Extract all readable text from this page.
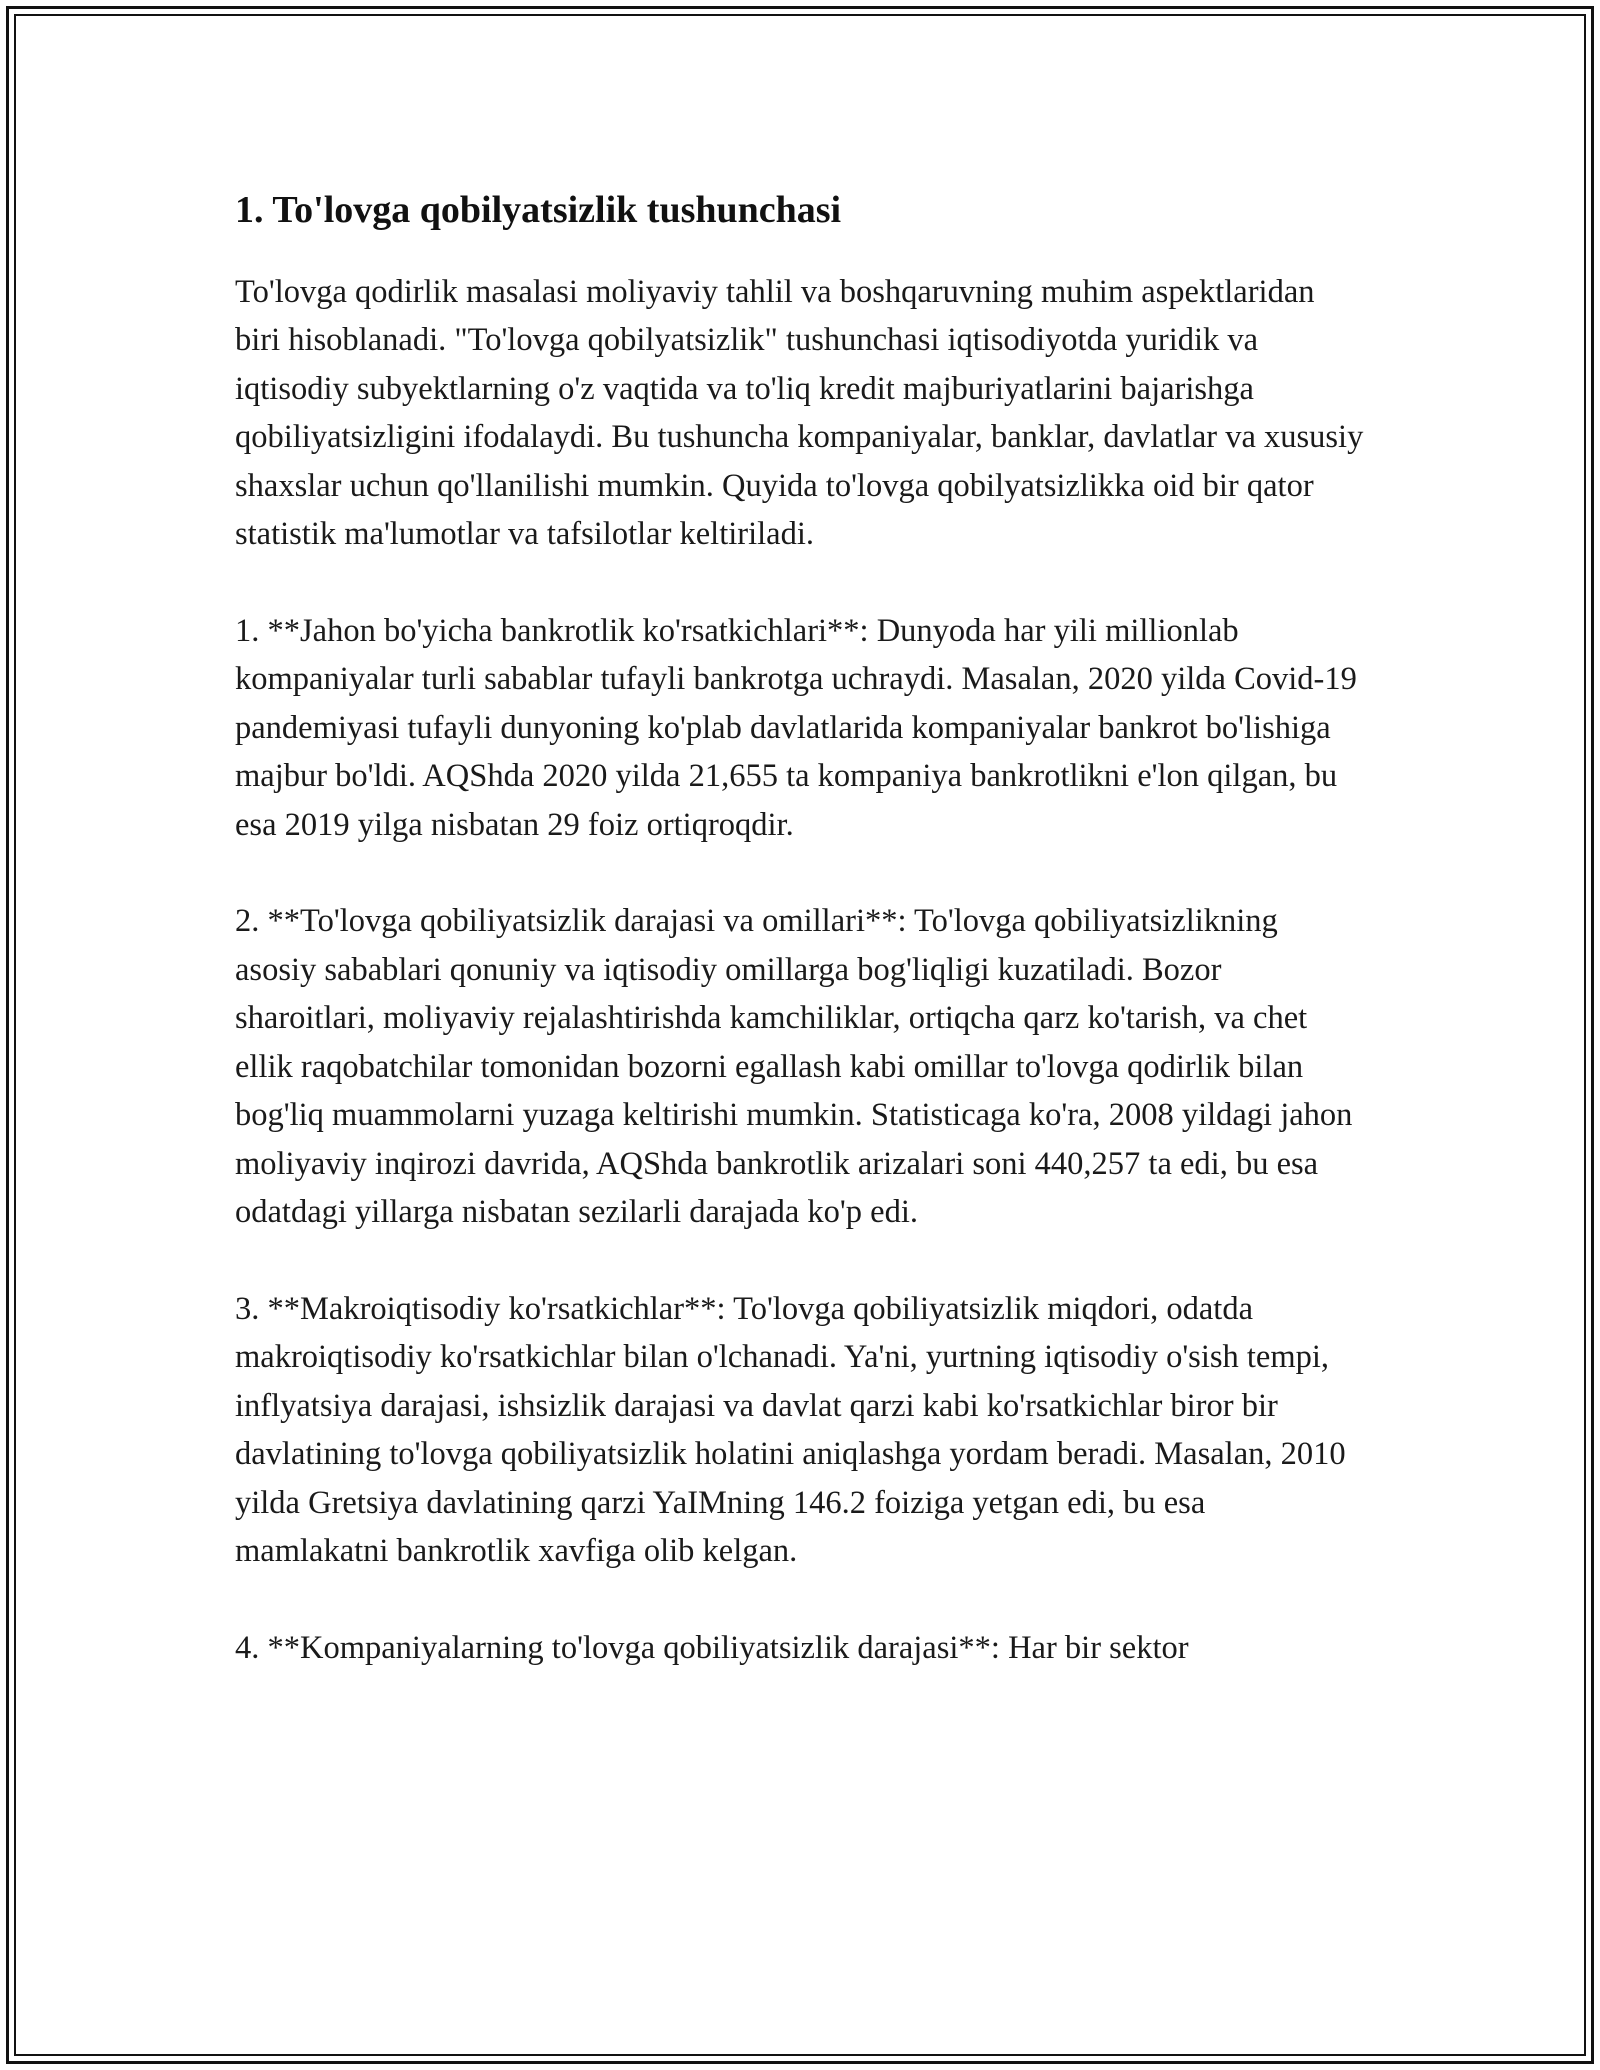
1. To'lovga qobilyatsizlik tushunchasi

To'lovga qodirlik masalasi moliyaviy tahlil va boshqaruvning muhim aspektlaridan biri hisoblanadi. "To'lovga qobilyatsizlik" tushunchasi iqtisodiyotda yuridik va iqtisodiy subyektlarning o'z vaqtida va to'liq kredit majburiyatlarini bajarishga qobiliyatsizligini ifodalaydi. Bu tushuncha kompaniyalar, banklar, davlatlar va xususiy shaxslar uchun qo'llanilishi mumkin. Quyida to'lovga qobilyatsizlikka oid bir qator statistik ma'lumotlar va tafsilotlar keltiriladi.

1. **Jahon bo'yicha bankrotlik ko'rsatkichlari**: Dunyoda har yili millionlab kompaniyalar turli sabablar tufayli bankrotga uchraydi. Masalan, 2020 yilda Covid-19 pandemiyasi tufayli dunyoning ko'plab davlatlarida kompaniyalar bankrot bo'lishiga majbur bo'ldi. AQShda 2020 yilda 21,655 ta kompaniya bankrotlikni e'lon qilgan, bu esa 2019 yilga nisbatan 29 foiz ortiqroqdir.

2. **To'lovga qobiliyatsizlik darajasi va omillari**: To'lovga qobiliyatsizlikning asosiy sabablari qonuniy va iqtisodiy omillarga bog'liqligi kuzatiladi. Bozor sharoitlari, moliyaviy rejalashtirishda kamchiliklar, ortiqcha qarz ko'tarish, va chet ellik raqobatchilar tomonidan bozorni egallash kabi omillar to'lovga qodirlik bilan bog'liq muammolarni yuzaga keltirishi mumkin. Statisticaga ko'ra, 2008 yildagi jahon moliyaviy inqirozi davrida, AQShda bankrotlik arizalari soni 440,257 ta edi, bu esa odatdagi yillarga nisbatan sezilarli darajada ko'p edi.

3. **Makroiqtisodiy ko'rsatkichlar**: To'lovga qobiliyatsizlik miqdori, odatda makroiqtisodiy ko'rsatkichlar bilan o'lchanadi. Ya'ni, yurtning iqtisodiy o'sish tempi, inflyatsiya darajasi, ishsizlik darajasi va davlat qarzi kabi ko'rsatkichlar biror bir davlatining to'lovga qobiliyatsizlik holatini aniqlashga yordam beradi. Masalan, 2010 yilda Gretsiya davlatining qarzi YaIMning 146.2 foiziga yetgan edi, bu esa mamlakatni bankrotlik xavfiga olib kelgan.

4. **Kompaniyalarning to'lovga qobiliyatsizlik darajasi**: Har bir sektor
